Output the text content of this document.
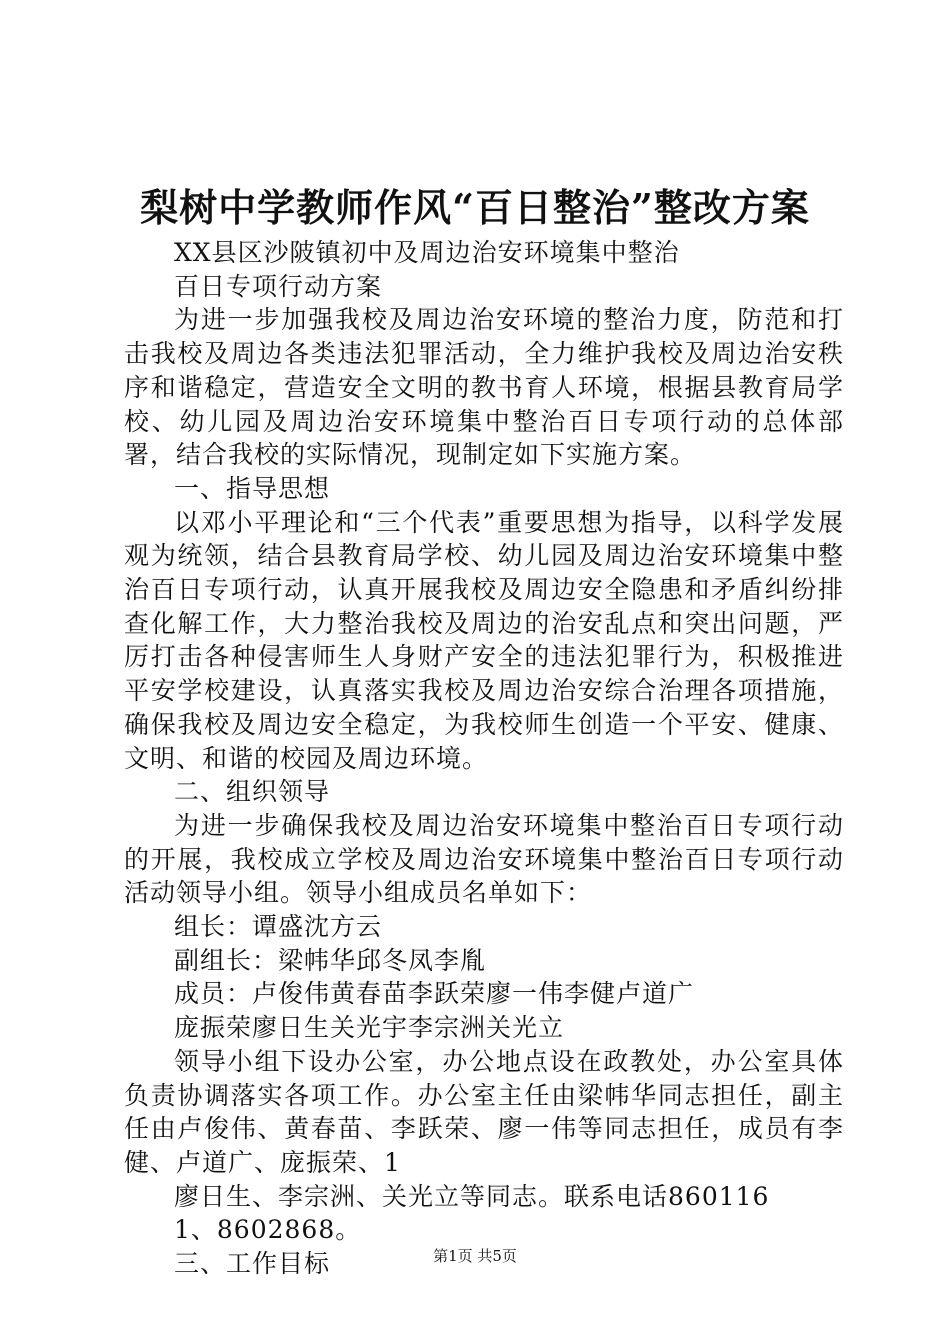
梨树中学教师作风“百日整治”整改方案

XX县区沙陂镇初中及周边治安环境集中整治

百日专项行动方案

为进一步加强我校及周边治安环境的整治力度，防范和打击我校及周边各类违法犯罪活动，全力维护我校及周边治安秩序和谐稳定，营造安全文明的教书育人环境，根据县教育局学校、幼儿园及周边治安环境集中整治百日专项行动的总体部署，结合我校的实际情况，现制定如下实施方案。

一、指导思想

以邓小平理论和“三个代表”重要思想为指导，以科学发展观为统领，结合县教育局学校、幼儿园及周边治安环境集中整治百日专项行动，认真开展我校及周边安全隐患和矛盾纠纷排查化解工作，大力整治我校及周边的治安乱点和突出问题，严厉打击各种侵害师生人身财产安全的违法犯罪行为，积极推进平安学校建设，认真落实我校及周边治安综合治理各项措施，确保我校及周边安全稳定，为我校师生创造一个平安、健康、文明、和谐的校园及周边环境。

二、组织领导

为进一步确保我校及周边治安环境集中整治百日专项行动的开展，我校成立学校及周边治安环境集中整治百日专项行动活动领导小组。领导小组成员名单如下：

组长：谭盛沈方云

副组长：梁帏华邱冬凤李胤

成员：卢俊伟黄春苗李跃荣廖一伟李健卢道广

庞振荣廖日生关光宇李宗洲关光立

领导小组下设办公室，办公地点设在政教处，办公室具体负责协调落实各项工作。办公室主任由梁帏华同志担任，副主任由卢俊伟、黄春苗、李跃荣、廖一伟等同志担任，成员有李健、卢道广、庞振荣、1

廖日生、李宗洲、关光立等同志。联系电话860116

1、8602868。

三、工作目标	第1页 共5页
